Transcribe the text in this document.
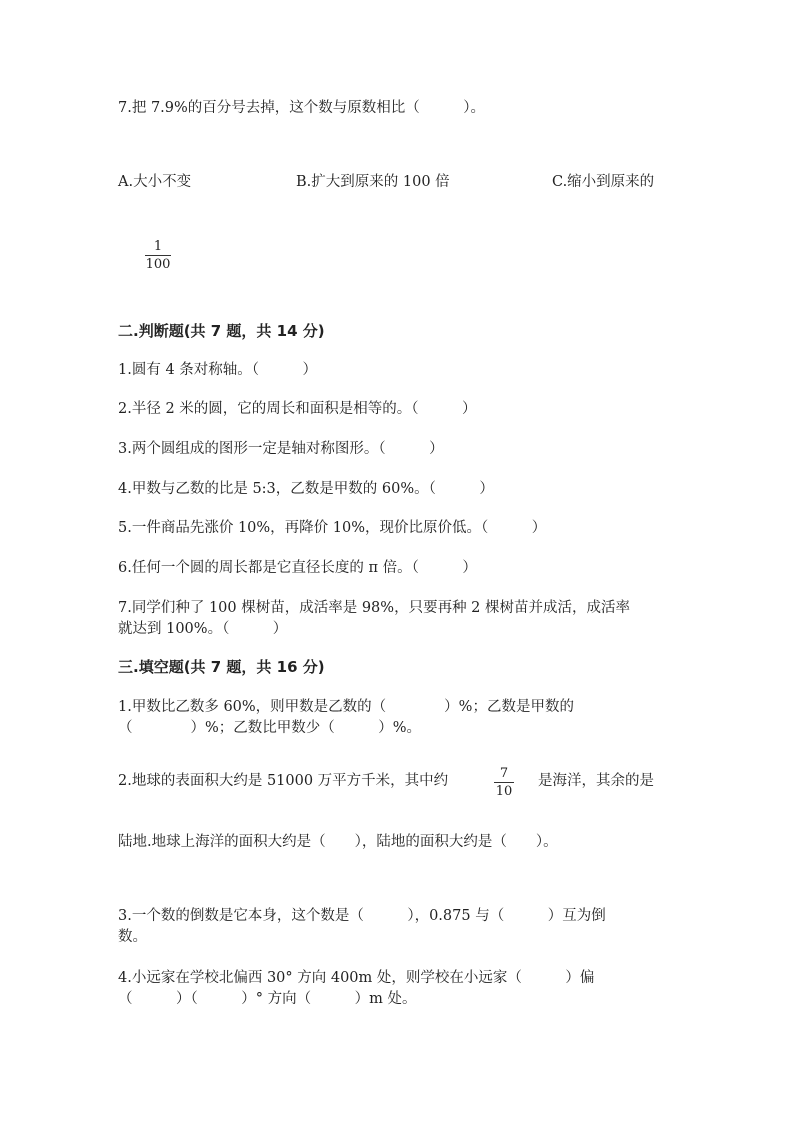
7.把 7.9%的百分号去掉，这个数与原数相比（　　　）。
A.大小不变	B.扩大到原来的 100 倍	C.缩小到原来的
1
100
二.判断题(共 7 题，共 14 分)
1.圆有 4 条对称轴。（　　　）
2.半径 2 米的圆，它的周长和面积是相等的。（　　　）
3.两个圆组成的图形一定是轴对称图形。（　　　）
4.甲数与乙数的比是 5:3，乙数是甲数的 60%。（　　　）
5.一件商品先涨价 10%，再降价 10%，现价比原价低。（　　　）
6.任何一个圆的周长都是它直径长度的 π 倍。（　　　）
7.同学们种了 100 棵树苗，成活率是 98%，只要再种 2 棵树苗并成活，成活率
就达到 100%。（　　　）
三.填空题(共 7 题，共 16 分)
1.甲数比乙数多 60%，则甲数是乙数的（　　　　）%；乙数是甲数的
（　　　　）%；乙数比甲数少（　　　）%。
2.地球的表面积大约是 51000 万平方千米，其中约	7
10
是海洋，其余的是
陆地.地球上海洋的面积大约是（　　），陆地的面积大约是（　　）。
3.一个数的倒数是它本身，这个数是（　　　），0.875 与（　　　）互为倒
数。
4.小远家在学校北偏西 30° 方向 400m 处，则学校在小远家（　　　）偏
（　　　）（　　　）° 方向（　　　）m 处。
